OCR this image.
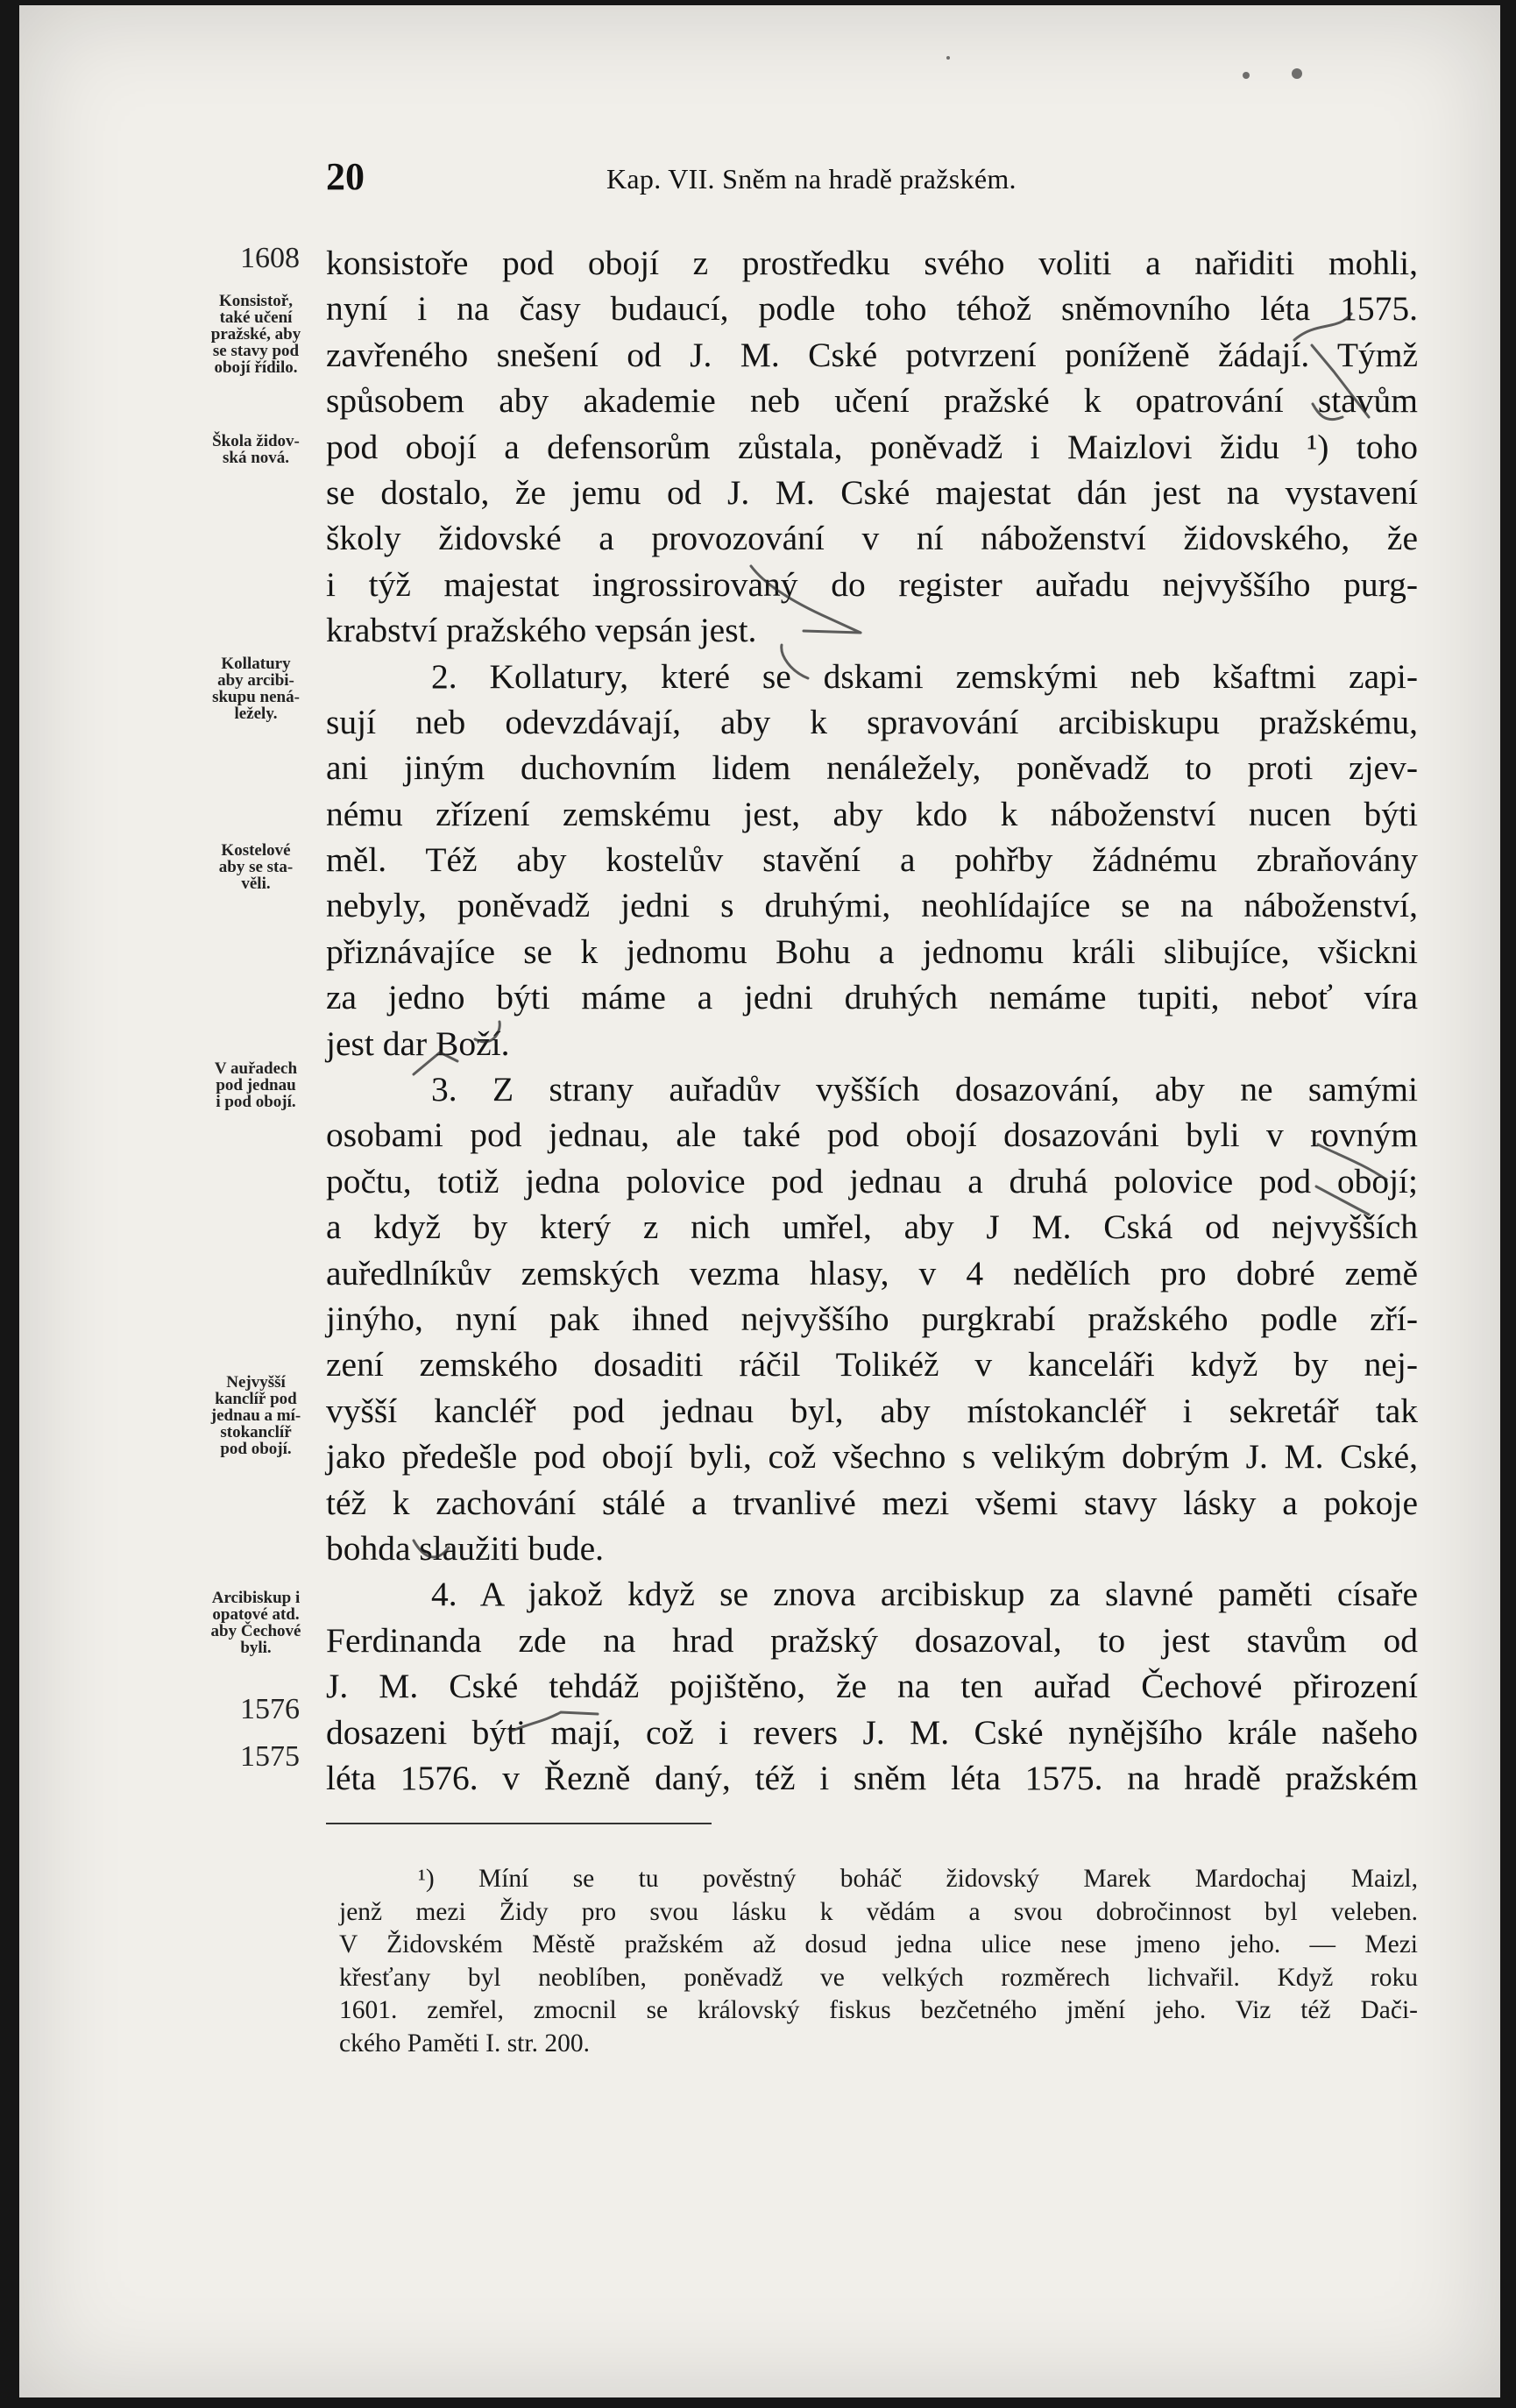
20	Kap. VII. Sněm na hradě pražském.
1608
Konsistoř,
také učení
pražské, aby
se stavy pod
obojí řídilo.
Škola židov-
ská nová.
Kollatury
aby arcibi-
skupu nená-
ležely.
Kostelové
aby se sta-
věli.
V auřadech
pod jednau
i pod obojí.
Nejvyšší
kanclíř pod
jednau a mí-
stokanclíř
pod obojí.
Arcibiskup i
opatové atd.
aby Čechové
byli.
1576
1575
konsistoře pod obojí z prostředku svého voliti a nařiditi mohli,
nyní i na časy budaucí, podle toho téhož sněmovního léta 1575.
zavřeného snešení od J. M. Cské potvrzení poníženě žádají. Týmž
spůsobem aby akademie neb učení pražské k opatrování stavům
pod obojí a defensorům zůstala, poněvadž i Maizlovi židu ¹) toho
se dostalo, že jemu od J. M. Cské majestat dán jest na vystavení
školy židovské a provozování v ní náboženství židovského, že
i týž majestat ingrossirovaný do register auřadu nejvyššího purg-
krabství pražského vepsán jest.
2. Kollatury, které se dskami zemskými neb kšaftmi zapi-
sují neb odevzdávají, aby k spravování arcibiskupu pražskému,
ani jiným duchovním lidem nenáležely, poněvadž to proti zjev-
nému zřízení zemskému jest, aby kdo k náboženství nucen býti
měl. Též aby kostelův stavění a pohřby žádnému zbraňovány
nebyly, poněvadž jedni s druhými, neohlídajíce se na náboženství,
přiznávajíce se k jednomu Bohu a jednomu králi slibujíce, všickni
za jedno býti máme a jedni druhých nemáme tupiti, neboť víra
jest dar Boží.
3. Z strany auřadův vyšších dosazování, aby ne samými
osobami pod jednau, ale také pod obojí dosazováni byli v rovným
počtu, totiž jedna polovice pod jednau a druhá polovice pod obojí;
a když by který z nich umřel, aby J M. Cská od nejvyšších
auředlníkův zemských vezma hlasy, v 4 nedělích pro dobré země
jinýho, nyní pak ihned nejvyššího purgkrabí pražského podle zří-
zení zemského dosaditi ráčil Tolikéž v kanceláři když by nej-
vyšší kancléř pod jednau byl, aby místokancléř i sekretář tak
jako předešle pod obojí byli, což všechno s velikým dobrým J. M. Cské,
též k zachování stálé a trvanlivé mezi všemi stavy lásky a pokoje
bohda slaužiti bude.
4. A jakož když se znova arcibiskup za slavné paměti císaře
Ferdinanda zde na hrad pražský dosazoval, to jest stavům od
J. M. Cské tehdáž pojištěno, že na ten auřad Čechové přirození
dosazeni býti mají, což i revers J. M. Cské nynějšího krále našeho
léta 1576. v Řezně daný, též i sněm léta 1575. na hradě pražském
¹) Míní se tu pověstný boháč židovský Marek Mardochaj Maizl,
jenž mezi Židy pro svou lásku k vědám a svou dobročinnost byl veleben.
V Židovském Městě pražském až dosud jedna ulice nese jmeno jeho. — Mezi
křesťany byl neoblíben, poněvadž ve velkých rozměrech lichvařil. Když roku
1601. zemřel, zmocnil se královský fiskus bezčetného jmění jeho. Viz též Dači-
ckého Paměti I. str. 200.
